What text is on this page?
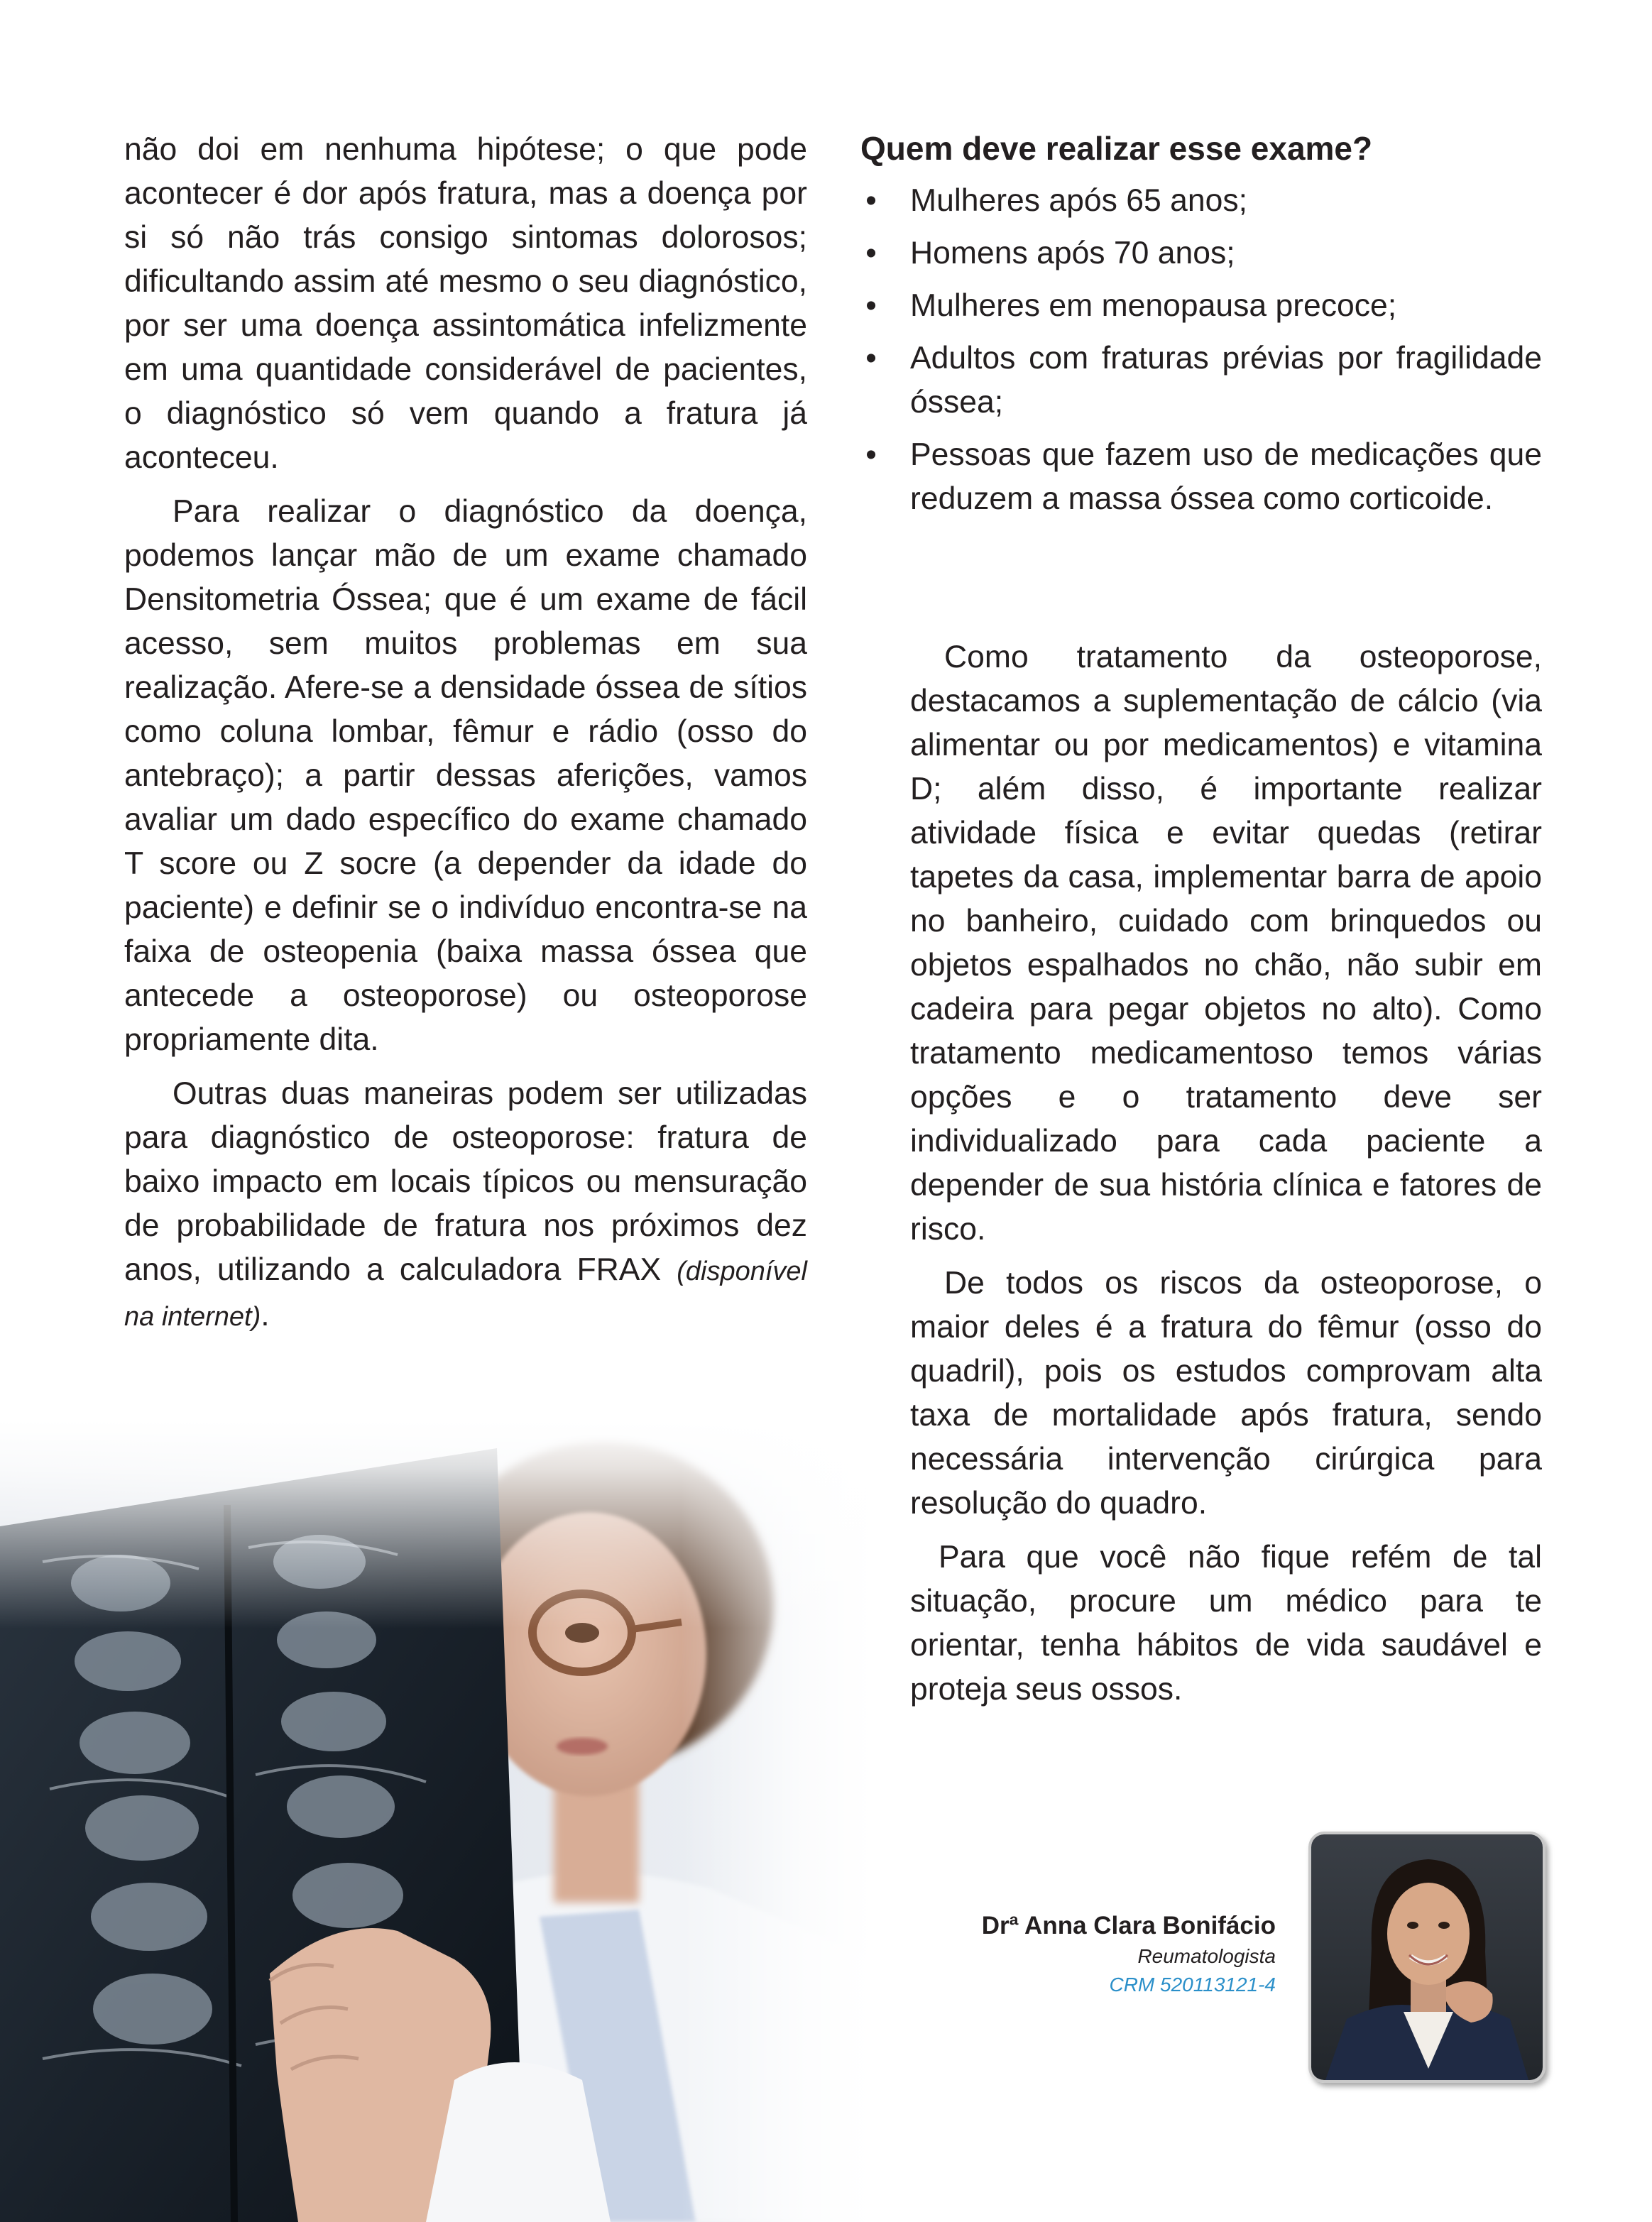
não doi em nenhuma hipótese; o que pode acontecer é dor após fratura, mas a doença por si só não trás consigo sintomas dolorosos; dificultando assim até mesmo o seu diagnóstico, por ser uma doença assintomática infelizmente em uma quantidade considerável de pacientes, o diagnóstico só vem quando a fratura já aconteceu.

Para realizar o diagnóstico da doença, podemos lançar mão de um exame chamado Densitometria Óssea; que é um exame de fácil acesso, sem muitos problemas em sua realização. Afere-se a densidade óssea de sítios como coluna lombar, fêmur e rádio (osso do antebraço); a partir dessas aferições, vamos avaliar um dado específico do exame chamado T score ou Z socre (a depender da idade do paciente) e definir se o indivíduo encontra-se na faixa de osteopenia (baixa massa óssea que antecede a osteoporose) ou osteoporose propriamente dita.

Outras duas maneiras podem ser utilizadas para diagnóstico de osteoporose: fratura de baixo impacto em locais típicos ou mensuração de probabilidade de fratura nos próximos dez anos, utilizando a calculadora FRAX (disponível na internet).

Quem deve realizar esse exame?
• Mulheres após 65 anos;
• Homens após 70 anos;
• Mulheres em menopausa precoce;
• Adultos com fraturas prévias por fragilidade óssea;
• Pessoas que fazem uso de medicações que reduzem a massa óssea como corticoide.

Como tratamento da osteoporose, destacamos a suplementação de cálcio (via alimentar ou por medicamentos) e vitamina D; além disso, é importante realizar atividade física e evitar quedas (retirar tapetes da casa, implementar barra de apoio no banheiro, cuidado com brinquedos ou objetos espalhados no chão, não subir em cadeira para pegar objetos no alto). Como tratamento medicamentoso temos várias opções e o tratamento deve ser individualizado para cada paciente a depender de sua história clínica e fatores de risco.

De todos os riscos da osteoporose, o maior deles é a fratura do fêmur (osso do quadril), pois os estudos comprovam alta taxa de mortalidade após fratura, sendo necessária intervenção cirúrgica para resolução do quadro.

Para que você não fique refém de tal situação, procure um médico para te orientar, tenha hábitos de vida saudável e proteja seus ossos.

Drª Anna Clara Bonifácio

Reumatologista

CRM 520113121-4
